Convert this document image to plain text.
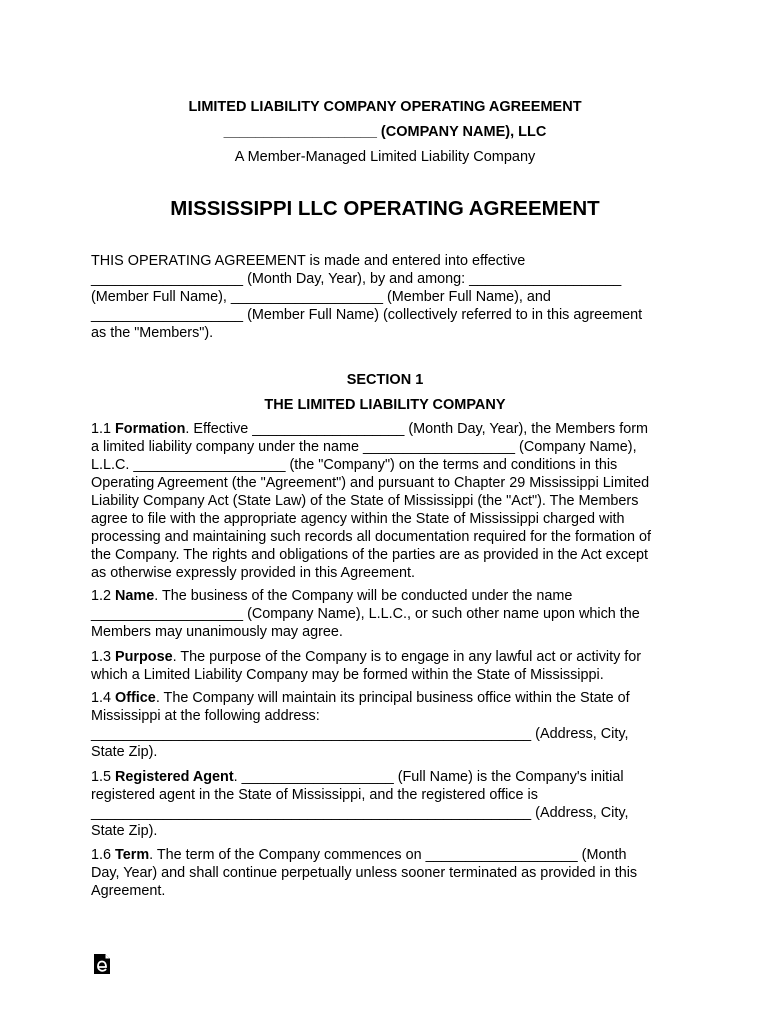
LIMITED LIABILITY COMPANY OPERATING AGREEMENT
___________________ (COMPANY NAME), LLC
A Member-Managed Limited Liability Company
MISSISSIPPI LLC OPERATING AGREEMENT
THIS OPERATING AGREEMENT is made and entered into effective
___________________ (Month Day, Year), by and among: ___________________
(Member Full Name), ___________________ (Member Full Name), and
___________________ (Member Full Name) (collectively referred to in this agreement
as the "Members").
SECTION 1
THE LIMITED LIABILITY COMPANY
1.1 Formation. Effective ___________________ (Month Day, Year), the Members form
a limited liability company under the name ___________________ (Company Name),
L.L.C. ___________________ (the "Company") on the terms and conditions in this
Operating Agreement (the "Agreement") and pursuant to Chapter 29 Mississippi Limited
Liability Company Act (State Law) of the State of Mississippi (the "Act"). The Members
agree to file with the appropriate agency within the State of Mississippi charged with
processing and maintaining such records all documentation required for the formation of
the Company. The rights and obligations of the parties are as provided in the Act except
as otherwise expressly provided in this Agreement.
1.2 Name. The business of the Company will be conducted under the name
___________________ (Company Name), L.L.C., or such other name upon which the
Members may unanimously may agree.
1.3 Purpose. The purpose of the Company is to engage in any lawful act or activity for
which a Limited Liability Company may be formed within the State of Mississippi.
1.4 Office. The Company will maintain its principal business office within the State of
Mississippi at the following address:
_______________________________________________________ (Address, City,
State Zip).
1.5 Registered Agent. ___________________ (Full Name) is the Company's initial
registered agent in the State of Mississippi, and the registered office is
_______________________________________________________ (Address, City,
State Zip).
1.6 Term. The term of the Company commences on ___________________ (Month
Day, Year) and shall continue perpetually unless sooner terminated as provided in this
Agreement.
